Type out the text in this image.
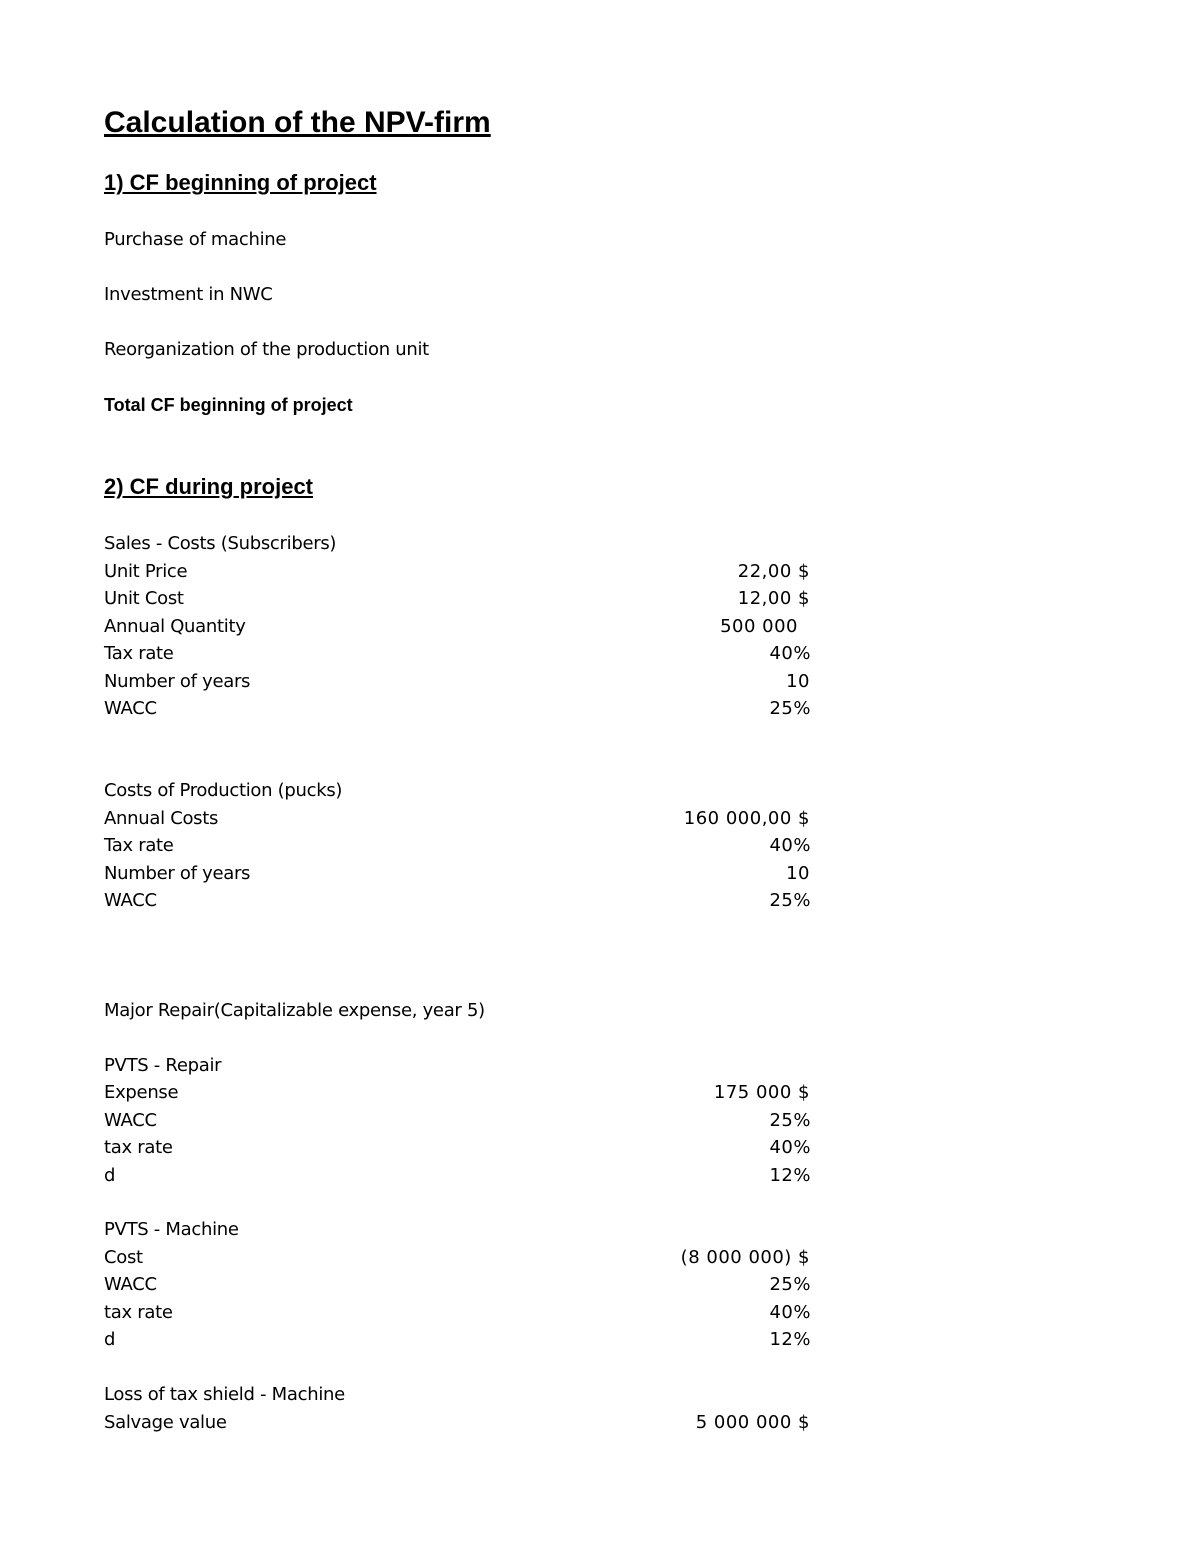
Calculation of the NPV-firm
1) CF beginning of project
Purchase of machine
Investment in NWC
Reorganization of the production unit
Total CF beginning of project
2) CF during project
Sales - Costs (Subscribers)
Unit Price	22,00 $
Unit Cost	12,00 $
Annual Quantity	500 000
Tax rate	40%
Number of years	10
WACC	25%
Costs of Production (pucks)
Annual Costs	160 000,00 $
Tax rate	40%
Number of years	10
WACC	25%
Major Repair(Capitalizable expense, year 5)
PVTS - Repair
Expense	175 000 $
WACC	25%
tax rate	40%
d	12%
PVTS - Machine
Cost	(8 000 000) $
WACC	25%
tax rate	40%
d	12%
Loss of tax shield - Machine
Salvage value	5 000 000 $
